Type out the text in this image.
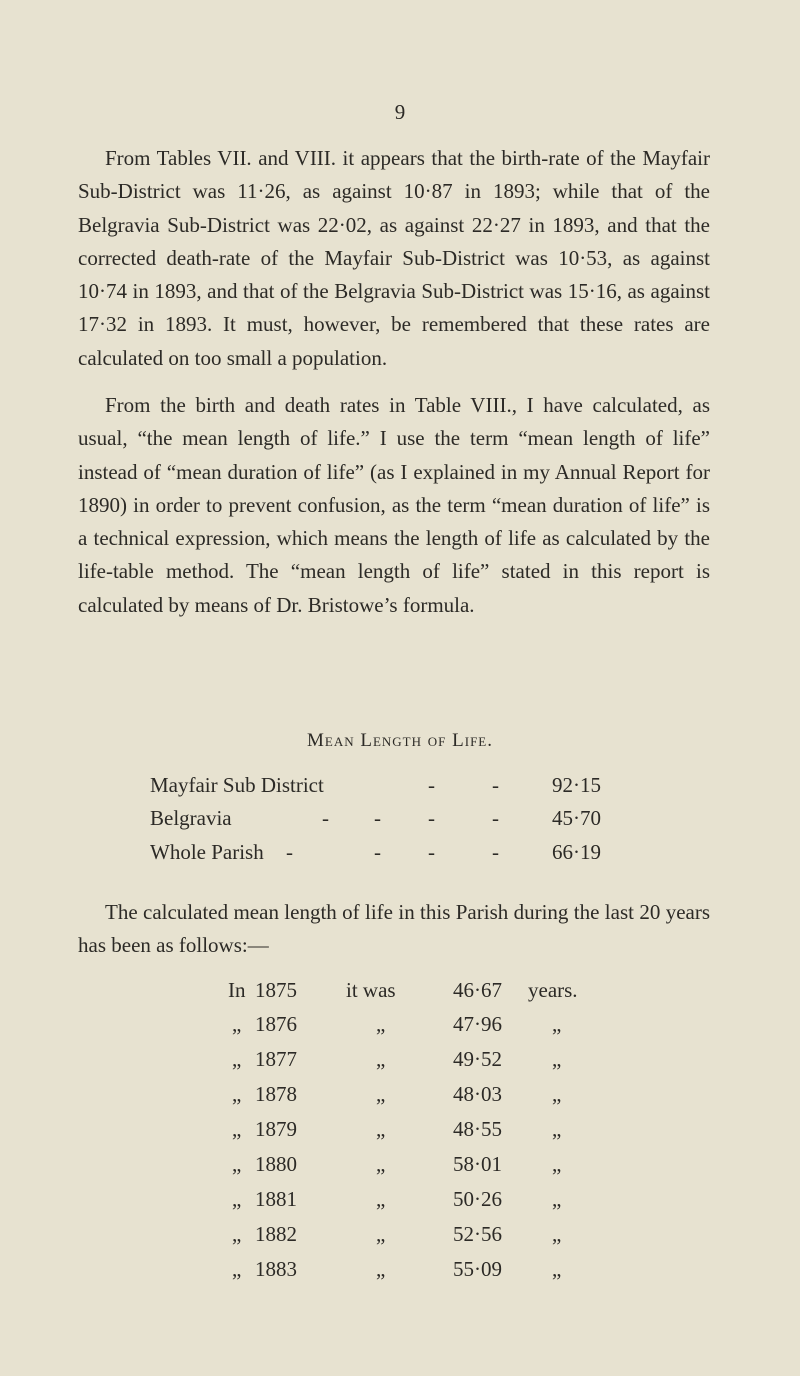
9

From Tables VII. and VIII. it appears that the birth-rate of the Mayfair Sub-District was 11·26, as against 10·87 in 1893; while that of the Belgravia Sub-District was 22·02, as against 22·27 in 1893, and that the corrected death-rate of the Mayfair Sub-District was 10·53, as against 10·74 in 1893, and that of the Belgravia Sub-District was 15·16, as against 17·32 in 1893. It must, however, be remembered that these rates are calculated on too small a population.

From the birth and death rates in Table VIII., I have calculated, as usual, “the mean length of life.” I use the term “mean length of life” instead of “mean duration of life” (as I explained in my Annual Report for 1890) in order to prevent confusion, as the term “mean duration of life” is a technical expression, which means the length of life as calculated by the life-table method. The “mean length of life” stated in this report is calculated by means of Dr. Bristowe’s formula.

Mean Length of Life.
Mayfair Sub District	-	-	92·15
Belgravia	- - -	-	45·70
Whole Parish -	- -	-	66·19

The calculated mean length of life in this Parish during the last 20 years has been as follows:—

In 1875 it was	46·67 years.
„ 1876	„	47·96 „
„ 1877	„	49·52 „
„ 1878	„	48·03 „
„ 1879	„	48·55 „
„ 1880	„	58·01 „
„ 1881	„	50·26 „
„ 1882	„	52·56 „
„ 1883	„	55·09 „
